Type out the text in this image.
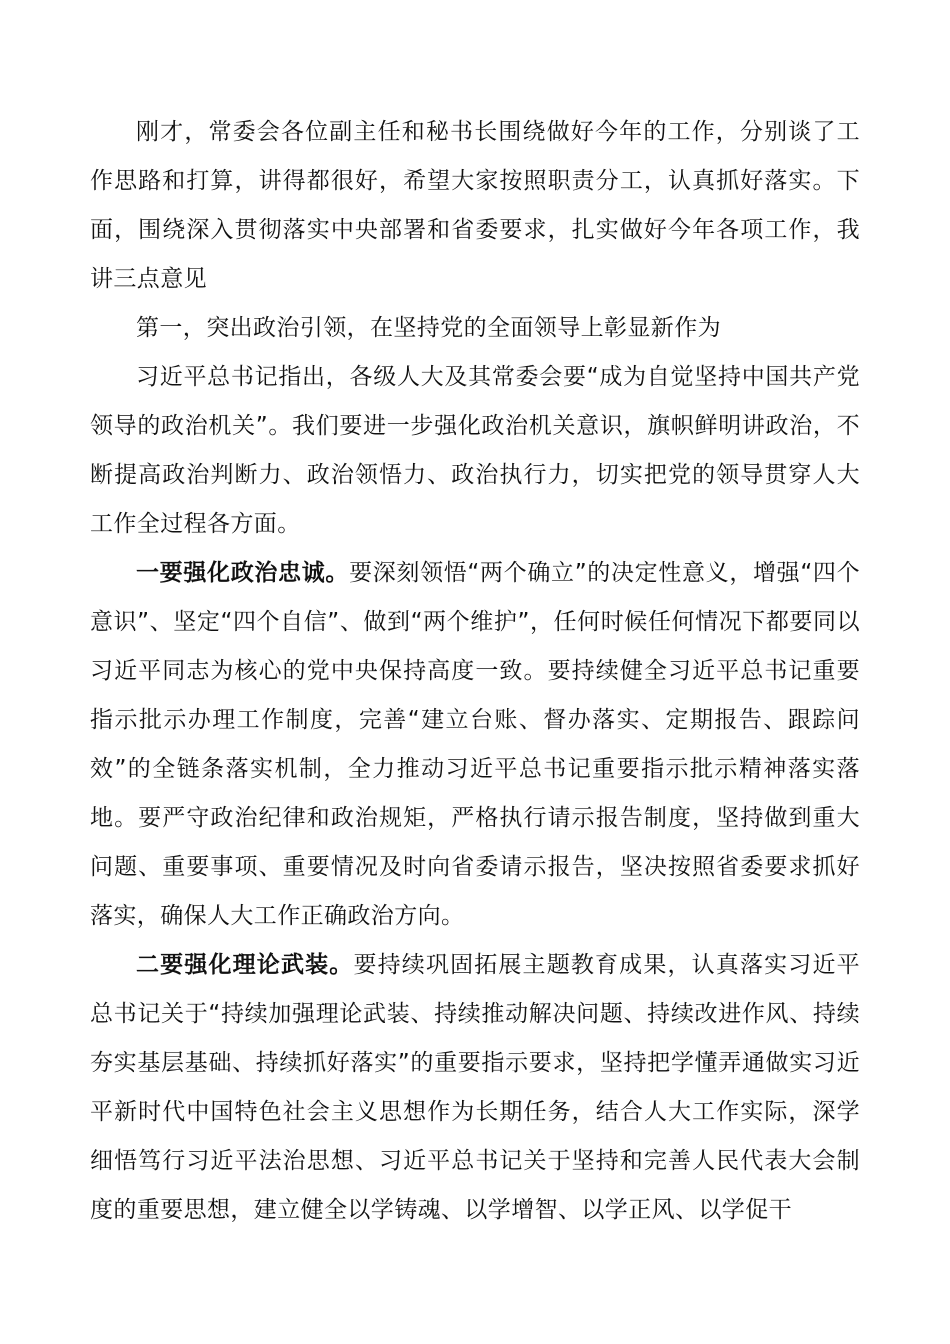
刚才，常委会各位副主任和秘书长围绕做好今年的工作，分别谈了工作思路和打算，讲得都很好，希望大家按照职责分工，认真抓好落实。下面，围绕深入贯彻落实中央部署和省委要求，扎实做好今年各项工作，我讲三点意见

第一，突出政治引领，在坚持党的全面领导上彰显新作为

习近平总书记指出，各级人大及其常委会要“成为自觉坚持中国共产党领导的政治机关”。我们要进一步强化政治机关意识，旗帜鲜明讲政治，不断提高政治判断力、政治领悟力、政治执行力，切实把党的领导贯穿人大工作全过程各方面。

一要强化政治忠诚。要深刻领悟“两个确立”的决定性意义，增强“四个意识”、坚定“四个自信”、做到“两个维护”，任何时候任何情况下都要同以习近平同志为核心的党中央保持高度一致。要持续健全习近平总书记重要指示批示办理工作制度，完善“建立台账、督办落实、定期报告、跟踪问效”的全链条落实机制，全力推动习近平总书记重要指示批示精神落实落地。要严守政治纪律和政治规矩，严格执行请示报告制度，坚持做到重大问题、重要事项、重要情况及时向省委请示报告，坚决按照省委要求抓好落实，确保人大工作正确政治方向。

二要强化理论武装。要持续巩固拓展主题教育成果，认真落实习近平总书记关于“持续加强理论武装、持续推动解决问题、持续改进作风、持续夯实基层基础、持续抓好落实”的重要指示要求，坚持把学懂弄通做实习近平新时代中国特色社会主义思想作为长期任务，结合人大工作实际，深学细悟笃行习近平法治思想、习近平总书记关于坚持和完善人民代表大会制度的重要思想，建立健全以学铸魂、以学增智、以学正风、以学促干
